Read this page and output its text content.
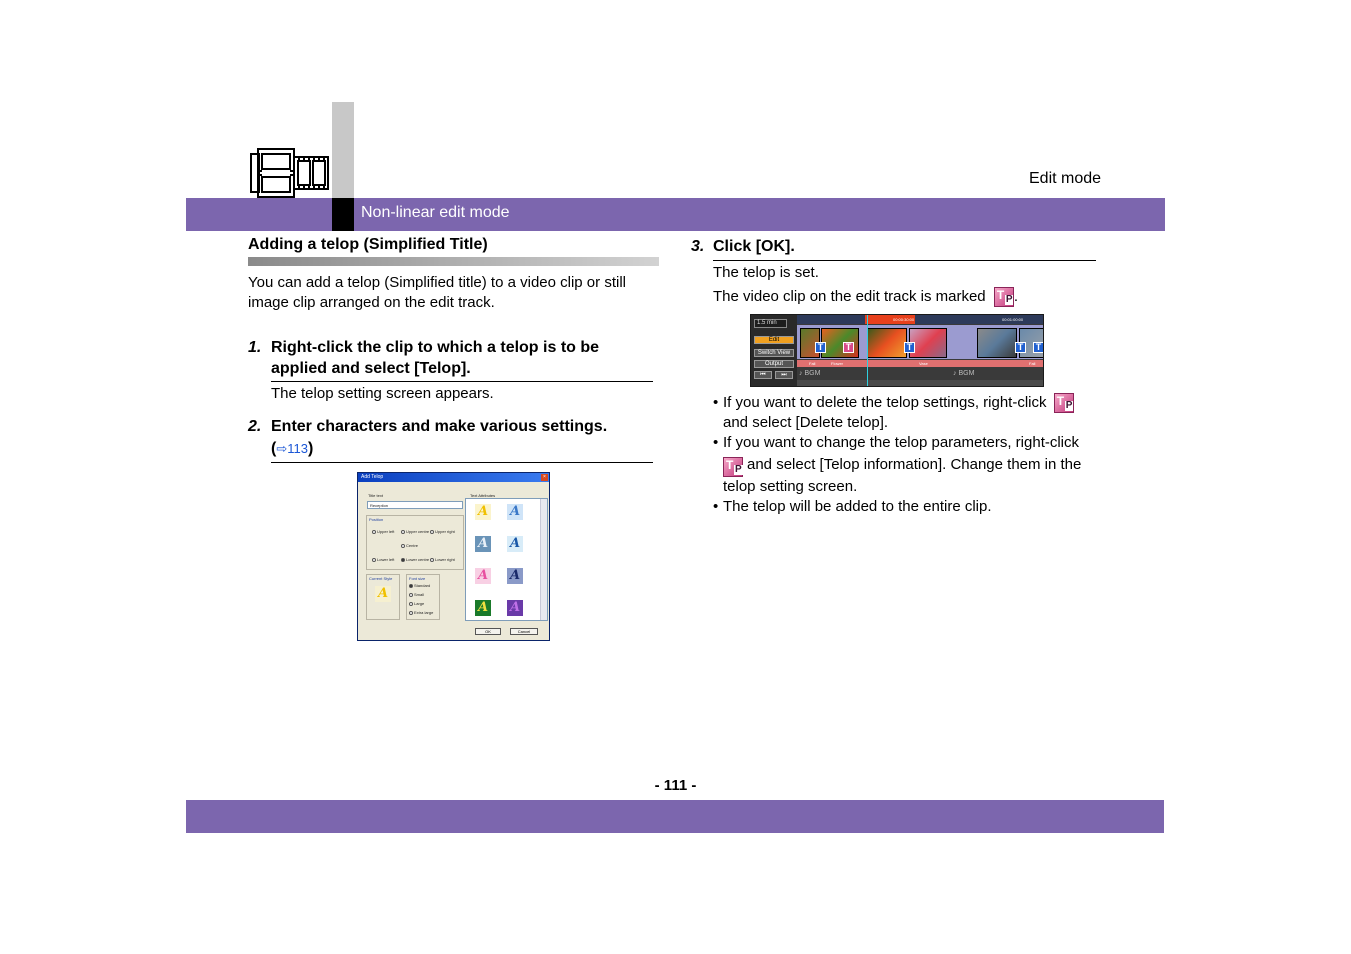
Non-linear edit mode
Edit mode
Adding a telop (Simplified Title)
You can add a telop (Simplified title) to a video clip or still image clip arranged on the edit track.
1. Right-click the clip to which a telop is to be applied and select [Telop].
The telop setting screen appears.
2. Enter characters and make various settings.
(⇨113)
Add Telop	×
Title text
Reception
Text Attributes
Position
Upper left	Upper centre Upper right
Centre
Lower left	Lower centre Lower right
Current Style
A
Font size
Standard
Small
Large
Extra large
A A
A A
A A
A A
OK	Cancel
3. Click [OK].
The telop is set.
The video clip on the edit track is marked T P .
1.5 min
Edit
Switch View
Output
⏮	⏭
00:00:30:00	00:01:00:00
T	T	T	T	T
Fall	Flower	Vase	Fall
♪ BGM	♪ BGM
• If you want to delete the telop settings, right-click T P

and select [Delete telop].
• If you want to change the telop parameters, right-click

T P and select [Telop information]. Change them in the telop setting screen.
• The telop will be added to the entire clip.
- 111 -
